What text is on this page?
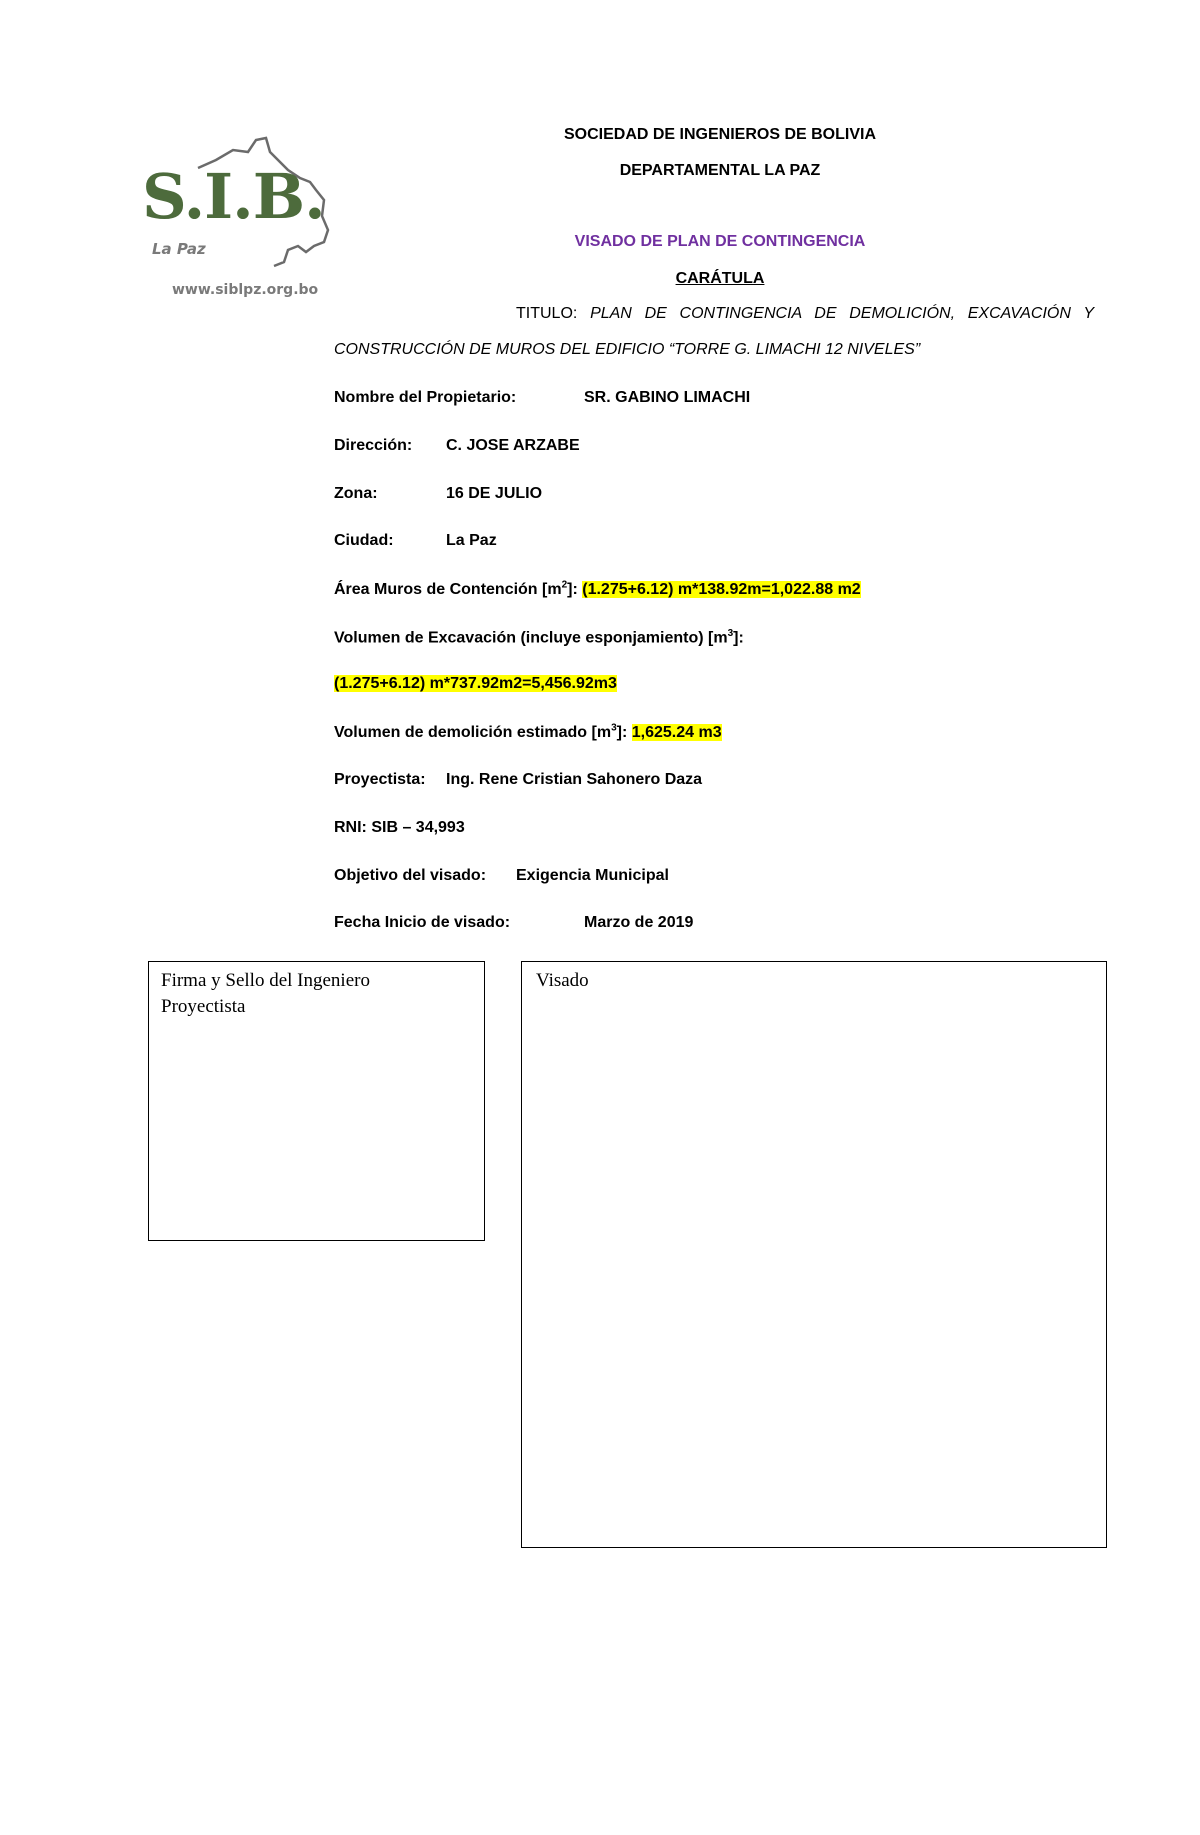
S.I.B.
La Paz
www.siblpz.org.bo
SOCIEDAD DE INGENIEROS DE BOLIVIA
DEPARTAMENTAL LA PAZ
VISADO DE PLAN DE CONTINGENCIA
CARÁTULA
TITULO: PLAN DE CONTINGENCIA DE DEMOLICIÓN, EXCAVACIÓN Y
CONSTRUCCIÓN DE MUROS DEL EDIFICIO “TORRE G. LIMACHI 12 NIVELES”
Nombre del Propietario:	SR. GABINO LIMACHI
Dirección: C. JOSE ARZABE
Zona:	16 DE JULIO
Ciudad:	La Paz
Área Muros de Contención $[m^2]$: (1.275+6.12) m*138.92m=1,022.88 m2
Volumen de Excavación (incluye esponjamiento) $[m^3]$:
(1.275+6.12) m*737.92m2=5,456.92m3
Volumen de demolición estimado $[m^3]$: 1,625.24 m3
Proyectista: Ing. Rene Cristian Sahonero Daza
RNI: SIB – 34,993
Objetivo del visado: Exigencia Municipal
Fecha Inicio de visado:	Marzo de 2019
Firma y Sello del Ingeniero
Proyectista
Visado
